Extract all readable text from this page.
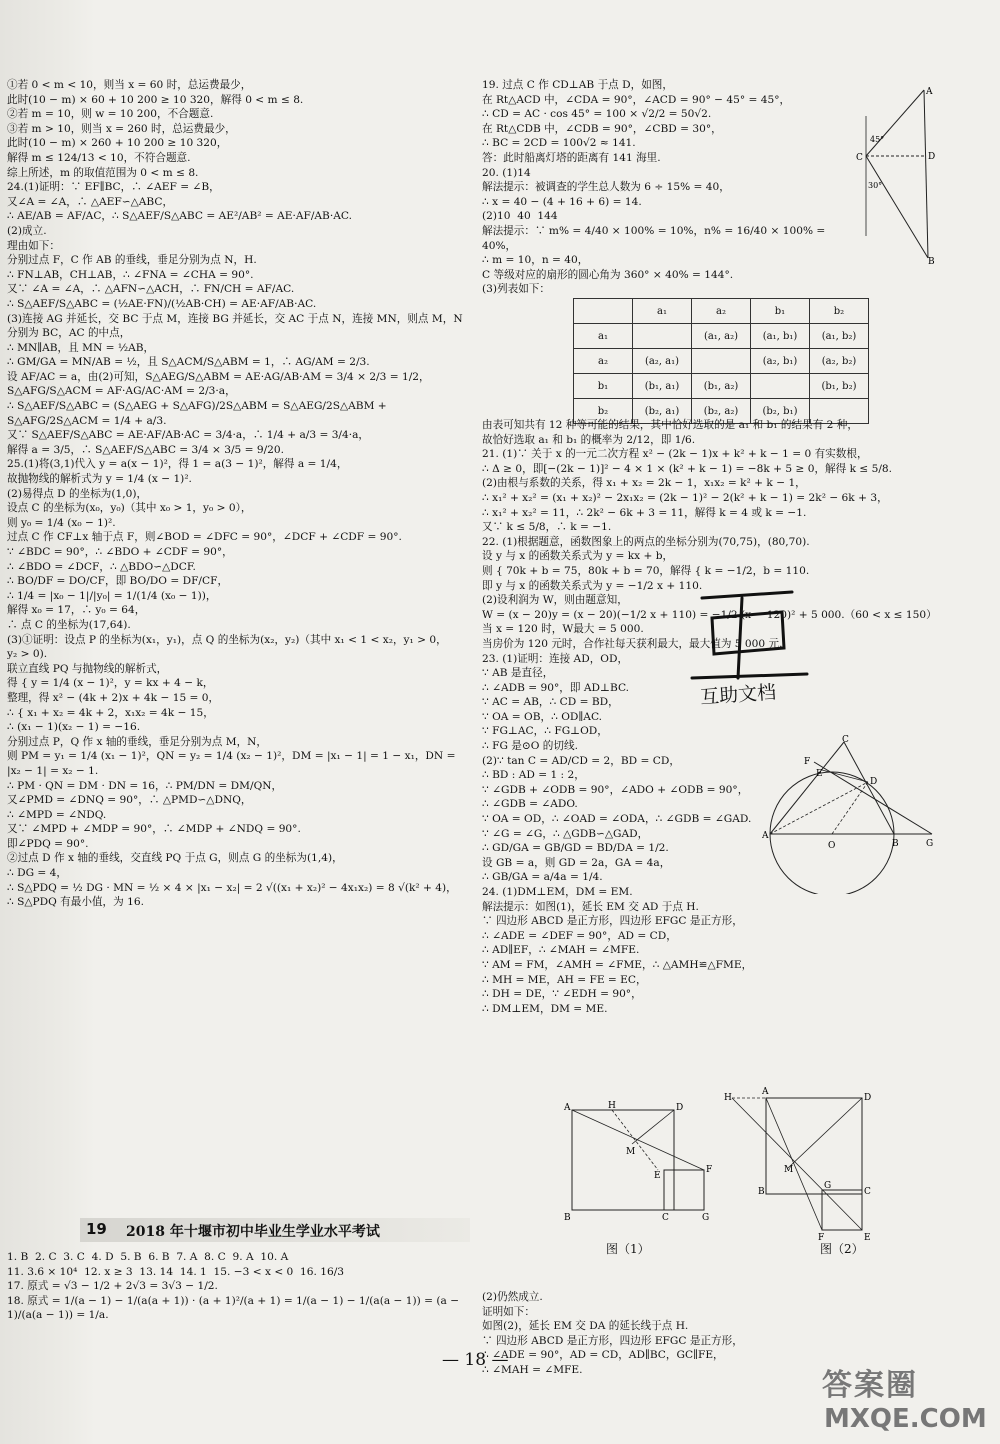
①若 0 < m < 10，则当 x = 60 时，总运费最少，
此时(10 − m) × 60 + 10 200 ≥ 10 320，解得 0 < m ≤ 8.
②若 m = 10，则 w = 10 200，不合题意.
③若 m > 10，则当 x = 260 时，总运费最少，
此时(10 − m) × 260 + 10 200 ≥ 10 320，
解得 m ≤ 124/13 < 10，不符合题意.
综上所述，m 的取值范围为 0 < m ≤ 8.
24.(1)证明：∵ EF∥BC，∴ ∠AEF = ∠B，
又∠A = ∠A，∴ △AEF∽△ABC，
∴ AE/AB = AF/AC，∴ S△AEF/S△ABC = AE²/AB² = AE·AF/AB·AC.
(2)成立.
理由如下：
分别过点 F，C 作 AB 的垂线，垂足分别为点 N，H.
∴ FN⊥AB，CH⊥AB，∴ ∠FNA = ∠CHA = 90°.
又∵ ∠A = ∠A，∴ △AFN∽△ACH，∴ FN/CH = AF/AC.
∴ S△AEF/S△ABC = (½AE·FN)/(½AB·CH) = AE·AF/AB·AC.
(3)连接 AG 并延长，交 BC 于点 M，连接 BG 并延长，交 AC 于点 N，连接 MN，则点 M，N
分别为 BC，AC 的中点，
∴ MN∥AB，且 MN = ½AB，
∴ GM/GA = MN/AB = ½，且 S△ACM/S△ABM = 1，∴ AG/AM = 2/3.
设 AF/AC = a，由(2)可知，S△AEG/S△ABM = AE·AG/AB·AM = 3/4 × 2/3 = 1/2，
S△AFG/S△ACM = AF·AG/AC·AM = 2/3·a，
∴ S△AEF/S△ABC = (S△AEG + S△AFG)/2S△ABM = S△AEG/2S△ABM + S△AFG/2S△ACM = 1/4 + a/3.
又∵ S△AEF/S△ABC = AE·AF/AB·AC = 3/4·a，∴ 1/4 + a/3 = 3/4·a，
解得 a = 3/5，∴ S△AEF/S△ABC = 3/4 × 3/5 = 9/20.
25.(1)将(3,1)代入 y = a(x − 1)²，得 1 = a(3 − 1)²，解得 a = 1/4，
故抛物线的解析式为 y = 1/4 (x − 1)².
(2)易得点 D 的坐标为(1,0)，
设点 C 的坐标为(x₀，y₀)（其中 x₀ > 1，y₀ > 0），
则 y₀ = 1/4 (x₀ − 1)².
过点 C 作 CF⊥x 轴于点 F，则∠BOD = ∠DFC = 90°，∠DCF + ∠CDF = 90°.
∵ ∠BDC = 90°，∴ ∠BDO + ∠CDF = 90°，
∴ ∠BDO = ∠DCF，∴ △BDO∽△DCF.
∴ BO/DF = DO/CF，即 BO/DO = DF/CF，
∴ 1/4 = |x₀ − 1|/|y₀| = 1/(1/4 (x₀ − 1))，
解得 x₀ = 17，∴ y₀ = 64，
∴ 点 C 的坐标为(17,64).
(3)①证明：设点 P 的坐标为(x₁，y₁)，点 Q 的坐标为(x₂，y₂)（其中 x₁ < 1 < x₂，y₁ > 0，
y₂ > 0).
联立直线 PQ 与抛物线的解析式，
得 { y = 1/4 (x − 1)²，y = kx + 4 − k，
整理，得 x² − (4k + 2)x + 4k − 15 = 0，
∴ { x₁ + x₂ = 4k + 2，x₁x₂ = 4k − 15，
∴ (x₁ − 1)(x₂ − 1) = −16.
分别过点 P，Q 作 x 轴的垂线，垂足分别为点 M，N，
则 PM = y₁ = 1/4 (x₁ − 1)²，QN = y₂ = 1/4 (x₂ − 1)²，DM = |x₁ − 1| = 1 − x₁，DN =
|x₂ − 1| = x₂ − 1.
∴ PM · QN = DM · DN = 16，∴ PM/DN = DM/QN，
又∠PMD = ∠DNQ = 90°，∴ △PMD∽△DNQ，
∴ ∠MPD = ∠NDQ.
又∵ ∠MPD + ∠MDP = 90°，∴ ∠MDP + ∠NDQ = 90°.
即∠PDQ = 90°.
②过点 D 作 x 轴的垂线，交直线 PQ 于点 G，则点 G 的坐标为(1,4)，
∴ DG = 4，
∴ S△PDQ = ½ DG · MN = ½ × 4 × |x₁ − x₂| = 2 √((x₁ + x₂)² − 4x₁x₂) = 8 √(k² + 4)，
∴ S△PDQ 有最小值，为 16.
19 2018 年十堰市初中毕业生学业水平考试
1. B  2. C  3. C  4. D  5. B  6. B  7. A  8. C  9. A  10. A
11. 3.6 × 10⁴  12. x ≥ 3  13. 14  14. 1  15. −3 < x < 0  16. 16/3
17. 原式 = √3 − 1/2 + 2√3 = 3√3 − 1/2.
18. 原式 = 1/(a − 1) − 1/(a(a + 1)) · (a + 1)²/(a + 1) = 1/(a − 1) − 1/(a(a − 1)) = (a − 1)/(a(a − 1)) = 1/a.
19. 过点 C 作 CD⊥AB 于点 D，如图，
在 Rt△ACD 中，∠CDA = 90°，∠ACD = 90° − 45° = 45°，
∴ CD = AC · cos 45° = 100 × √2/2 = 50√2.
在 Rt△CDB 中，∠CDB = 90°，∠CBD = 30°，
∴ BC = 2CD = 100√2 ≈ 141.
答：此时船离灯塔的距离有 141 海里.
20. (1)14
解法提示：被调查的学生总人数为 6 ÷ 15% = 40，
∴ x = 40 − (4 + 16 + 6) = 14.
(2)10  40  144
解法提示：∵ m% = 4/40 × 100% = 10%，n% = 16/40 × 100% = 40%，
∴ m = 10，n = 40，
C 等级对应的扇形的圆心角为 360° × 40% = 144°.
(3)列表如下：
	a₁	a₂	b₁	b₂
a₁		(a₁, a₂)	(a₁, b₁)	(a₁, b₂)
a₂	(a₂, a₁)		(a₂, b₁)	(a₂, b₂)
b₁	(b₁, a₁)	(b₁, a₂)		(b₁, b₂)
b₂	(b₂, a₁)	(b₂, a₂)	(b₂, b₁)	
由表可知共有 12 种等可能的结果，其中恰好选取的是 a₁ 和 b₁ 的结果有 2 种，
故恰好选取 a₁ 和 b₁ 的概率为 2/12，即 1/6.
21. (1)∵ 关于 x 的一元二次方程 x² − (2k − 1)x + k² + k − 1 = 0 有实数根，
∴ Δ ≥ 0，即[−(2k − 1)]² − 4 × 1 × (k² + k − 1) = −8k + 5 ≥ 0，解得 k ≤ 5/8.
(2)由根与系数的关系，得 x₁ + x₂ = 2k − 1，x₁x₂ = k² + k − 1，
∴ x₁² + x₂² = (x₁ + x₂)² − 2x₁x₂ = (2k − 1)² − 2(k² + k − 1) = 2k² − 6k + 3，
∴ x₁² + x₂² = 11，∴ 2k² − 6k + 3 = 11，解得 k = 4 或 k = −1.
又∵ k ≤ 5/8，∴ k = −1.
22. (1)根据题意，函数图象上的两点的坐标分别为(70,75)，(80,70).
设 y 与 x 的函数关系式为 y = kx + b，
则 { 70k + b = 75，80k + b = 70，解得 { k = −1/2，b = 110.
即 y 与 x 的函数关系式为 y = −1/2 x + 110.
(2)设利润为 W，则由题意知，
W = (x − 20)y = (x − 20)(−1/2 x + 110) = −1/2 (x − 120)² + 5 000.（60 < x ≤ 150）
当 x = 120 时，W最大 = 5 000.
当房价为 120 元时，合作社每天获利最大，最大值为 5 000 元.
23. (1)证明：连接 AD，OD，
∵ AB 是直径，
∴ ∠ADB = 90°，即 AD⊥BC.
∵ AC = AB，∴ CD = BD，
∵ OA = OB，∴ OD∥AC.
∵ FG⊥AC，∴ FG⊥OD，
∴ FG 是⊙O 的切线.
(2)∵ tan C = AD/CD = 2，BD = CD，
∴ BD : AD = 1 : 2，
∵ ∠GDB + ∠ODB = 90°，∠ADO + ∠ODB = 90°，
∴ ∠GDB = ∠ADO.
∵ OA = OD，∴ ∠OAD = ∠ODA，∴ ∠GDB = ∠GAD.
∵ ∠G = ∠G，∴ △GDB∽△GAD，
∴ GD/GA = GB/GD = BD/DA = 1/2.
设 GB = a，则 GD = 2a，GA = 4a，
∴ GB/GA = a/4a = 1/4.
24. (1)DM⊥EM，DM = EM.
解法提示：如图(1)，延长 EM 交 AD 于点 H.
∵ 四边形 ABCD 是正方形，四边形 EFGC 是正方形，
∴ ∠ADE = ∠DEF = 90°，AD = CD，
∴ AD∥EF，∴ ∠MAH = ∠MFE.
∵ AM = FM，∠AMH = ∠FME，∴ △AMH≌△FME，
∴ MH = ME，AH = FE = EC，
∴ DH = DE，∵ ∠EDH = 90°，
∴ DM⊥EM，DM = ME.
(2)仍然成立.
证明如下：
如图(2)，延长 EM 交 DA 的延长线于点 H.
∵ 四边形 ABCD 是正方形，四边形 EFGC 是正方形，
∴ ∠ADE = 90°，AD = CD，AD∥BC，GC∥FE，
∴ ∠MAH = ∠MFE.
A
45°
C	D
30°
B
C
F
E
D
A
O	B	G
A	H	D
M
E
F
B	C	G
图（1）
H
A
D
M
B
G
C
F	E
图（2）
互助文档
— 18 —
答案圈
MXQE.COM
